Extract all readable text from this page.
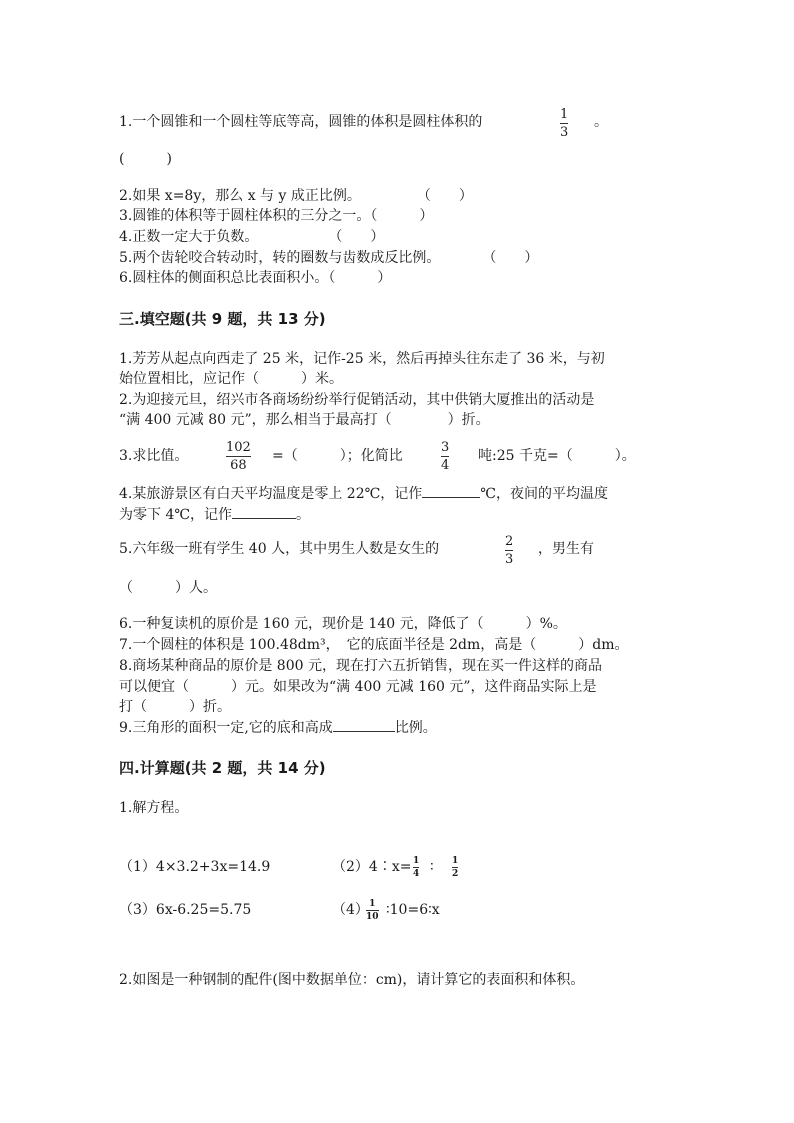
1.一个圆锥和一个圆柱等底等高，圆锥的体积是圆柱体积的	1
3
。
(　　　)
2.如果 x=8y，那么 x 与 y 成正比例。　　　　　（　　）
3.圆锥的体积等于圆柱体积的三分之一。（　　　）
4.正数一定大于负数。　　　　　　（　　）
5.两个齿轮咬合转动时，转的圈数与齿数成反比例。　　　　（　　）
6.圆柱体的侧面积总比表面积小。（　　　）
三.填空题(共 9 题，共 13 分)
1.芳芳从起点向西走了 25 米，记作-25 米，然后再掉头往东走了 36 米，与初
始位置相比，应记作（　　　）米。
2.为迎接元旦，绍兴市各商场纷纷举行促销活动，其中供销大厦推出的活动是
“满 400 元减 80 元”，那么相当于最高打（　　　　）折。
3.求比值。
102
68
=（　　　）；化简比
3
4
吨:25 千克=（　　　）。
4.某旅游景区有白天平均温度是零上 22℃，记作	℃，夜间的平均温度
为零下 4℃，记作	。
5.六年级一班有学生 40 人，其中男生人数是女生的	2
3
，男生有
（　　　）人。
6.一种复读机的原价是 160 元，现价是 140 元，降低了（　　　）%。
7.一个圆柱的体积是 100.48dm³，　它的底面半径是 2dm，高是（　　　）dm。
8.商场某种商品的原价是 800 元，现在打六五折销售，现在买一件这样的商品
可以便宜（　　　）元。如果改为“满 400 元减 160 元”，这件商品实际上是
打（　　　）折。
9.三角形的面积一定,它的底和高成	比例。
四.计算题(共 2 题，共 14 分)
1.解方程。
（1）4×3.2+3x=14.9	（2）4∶x= 1
4 ∶ 1
2
（3）6x-6.25=5.75	（4） 1
10 ∶10=6∶x
2.如图是一种钢制的配件(图中数据单位：cm)，请计算它的表面积和体积。
